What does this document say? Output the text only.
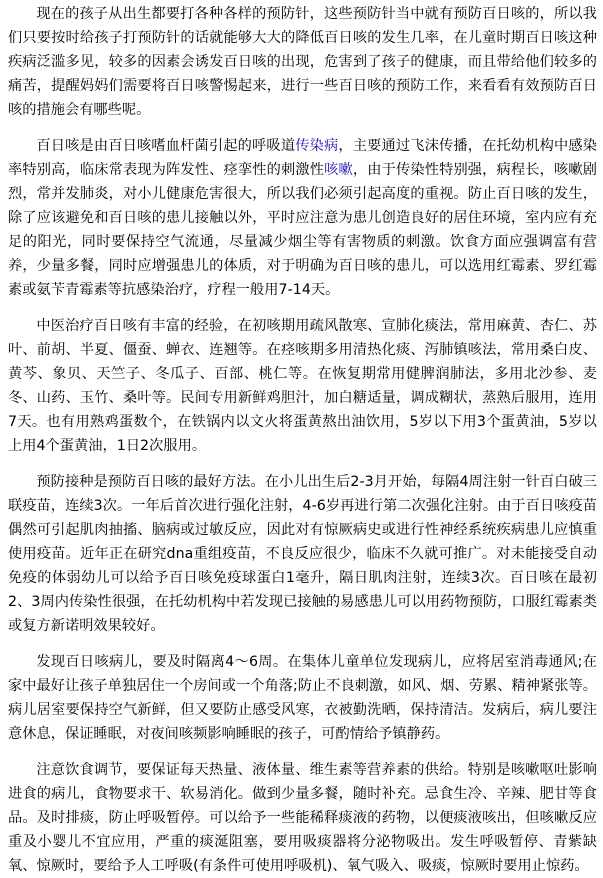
现在的孩子从出生都要打各种各样的预防针，这些预防针当中就有预防百日咳的，所以我们只要按时给孩子打预防针的话就能够大大的降低百日咳的发生几率，在儿童时期百日咳这种疾病泛滥多见，较多的因素会诱发百日咳的出现，危害到了孩子的健康，而且带给他们较多的痛苦，提醒妈妈们需要将百日咳警惕起来，进行一些百日咳的预防工作，来看看有效预防百日咳的措施会有哪些呢。

百日咳是由百日咳嗜血杆菌引起的呼吸道传染病，主要通过飞沫传播，在托幼机构中感染率特别高，临床常表现为阵发性、痉挛性的刺激性咳嗽，由于传染性特别强，病程长，咳嗽剧烈，常并发肺炎，对小儿健康危害很大，所以我们必须引起高度的重视。防止百日咳的发生，除了应该避免和百日咳的患儿接触以外，平时应注意为患儿创造良好的居住环境，室内应有充足的阳光，同时要保持空气流通，尽量减少烟尘等有害物质的刺激。饮食方面应强调富有营养，少量多餐，同时应增强患儿的体质，对于明确为百日咳的患儿，可以选用红霉素、罗红霉素或氨苄青霉素等抗感染治疗，疗程一般用7-14天。

中医治疗百日咳有丰富的经验，在初咳期用疏风散寒、宣肺化痰法，常用麻黄、杏仁、苏叶、前胡、半夏、僵蚕、蝉衣、连翘等。在痉咳期多用清热化痰、泻肺镇咳法，常用桑白皮、黄芩、象贝、天竺子、冬瓜子、百部、桃仁等。在恢复期常用健脾润肺法，多用北沙参、麦冬、山药、玉竹、桑叶等。民间专用新鲜鸡胆汁，加白糖适量，调成糊状，蒸熟后服用，连用7天。也有用熟鸡蛋数个，在铁锅内以文火将蛋黄熬出油饮用，5岁以下用3个蛋黄油，5岁以上用4个蛋黄油，1日2次服用。

预防接种是预防百日咳的最好方法。在小儿出生后2-3月开始，每隔4周注射一针百白破三联疫苗，连续3次。一年后首次进行强化注射，4-6岁再进行第二次强化注射。由于百日咳疫苗偶然可引起肌肉抽搐、脑病或过敏反应，因此对有惊厥病史或进行性神经系统疾病患儿应慎重使用疫苗。近年正在研究dna重组疫苗，不良反应很少，临床不久就可推广。对未能接受自动免疫的体弱幼儿可以给予百日咳免疫球蛋白1毫升，隔日肌肉注射，连续3次。百日咳在最初2、3周内传染性很强，在托幼机构中若发现已接触的易感患儿可以用药物预防，口服红霉素类或复方新诺明效果较好。

发现百日咳病儿，要及时隔离4～6周。在集体儿童单位发现病儿，应将居室消毒通风;在家中最好让孩子单独居住一个房间或一个角落;防止不良刺激，如风、烟、劳累、精神紧张等。病儿居室要保持空气新鲜，但又要防止感受风寒，衣被勤洗晒，保持清洁。发病后，病儿要注意休息，保证睡眠，对夜间咳频影响睡眠的孩子，可酌情给予镇静药。

注意饮食调节，要保证每天热量、液体量、维生素等营养素的供给。特别是咳嗽呕吐影响进食的病儿，食物要求干、软易消化。做到少量多餐，随时补充。忌食生冷、辛辣、肥甘等食品。及时排痰，防止呼吸暂停。可以给予一些能稀释痰液的药物，以便痰液咳出，但咳嗽反应重及小婴儿不宜应用，严重的痰涎阻塞，要用吸痰器将分泌物吸出。发生呼吸暂停、青紫缺氧、惊厥时，要给予人工呼吸(有条件可使用呼吸机)、氧气吸入、吸痰，惊厥时要用止惊药。
